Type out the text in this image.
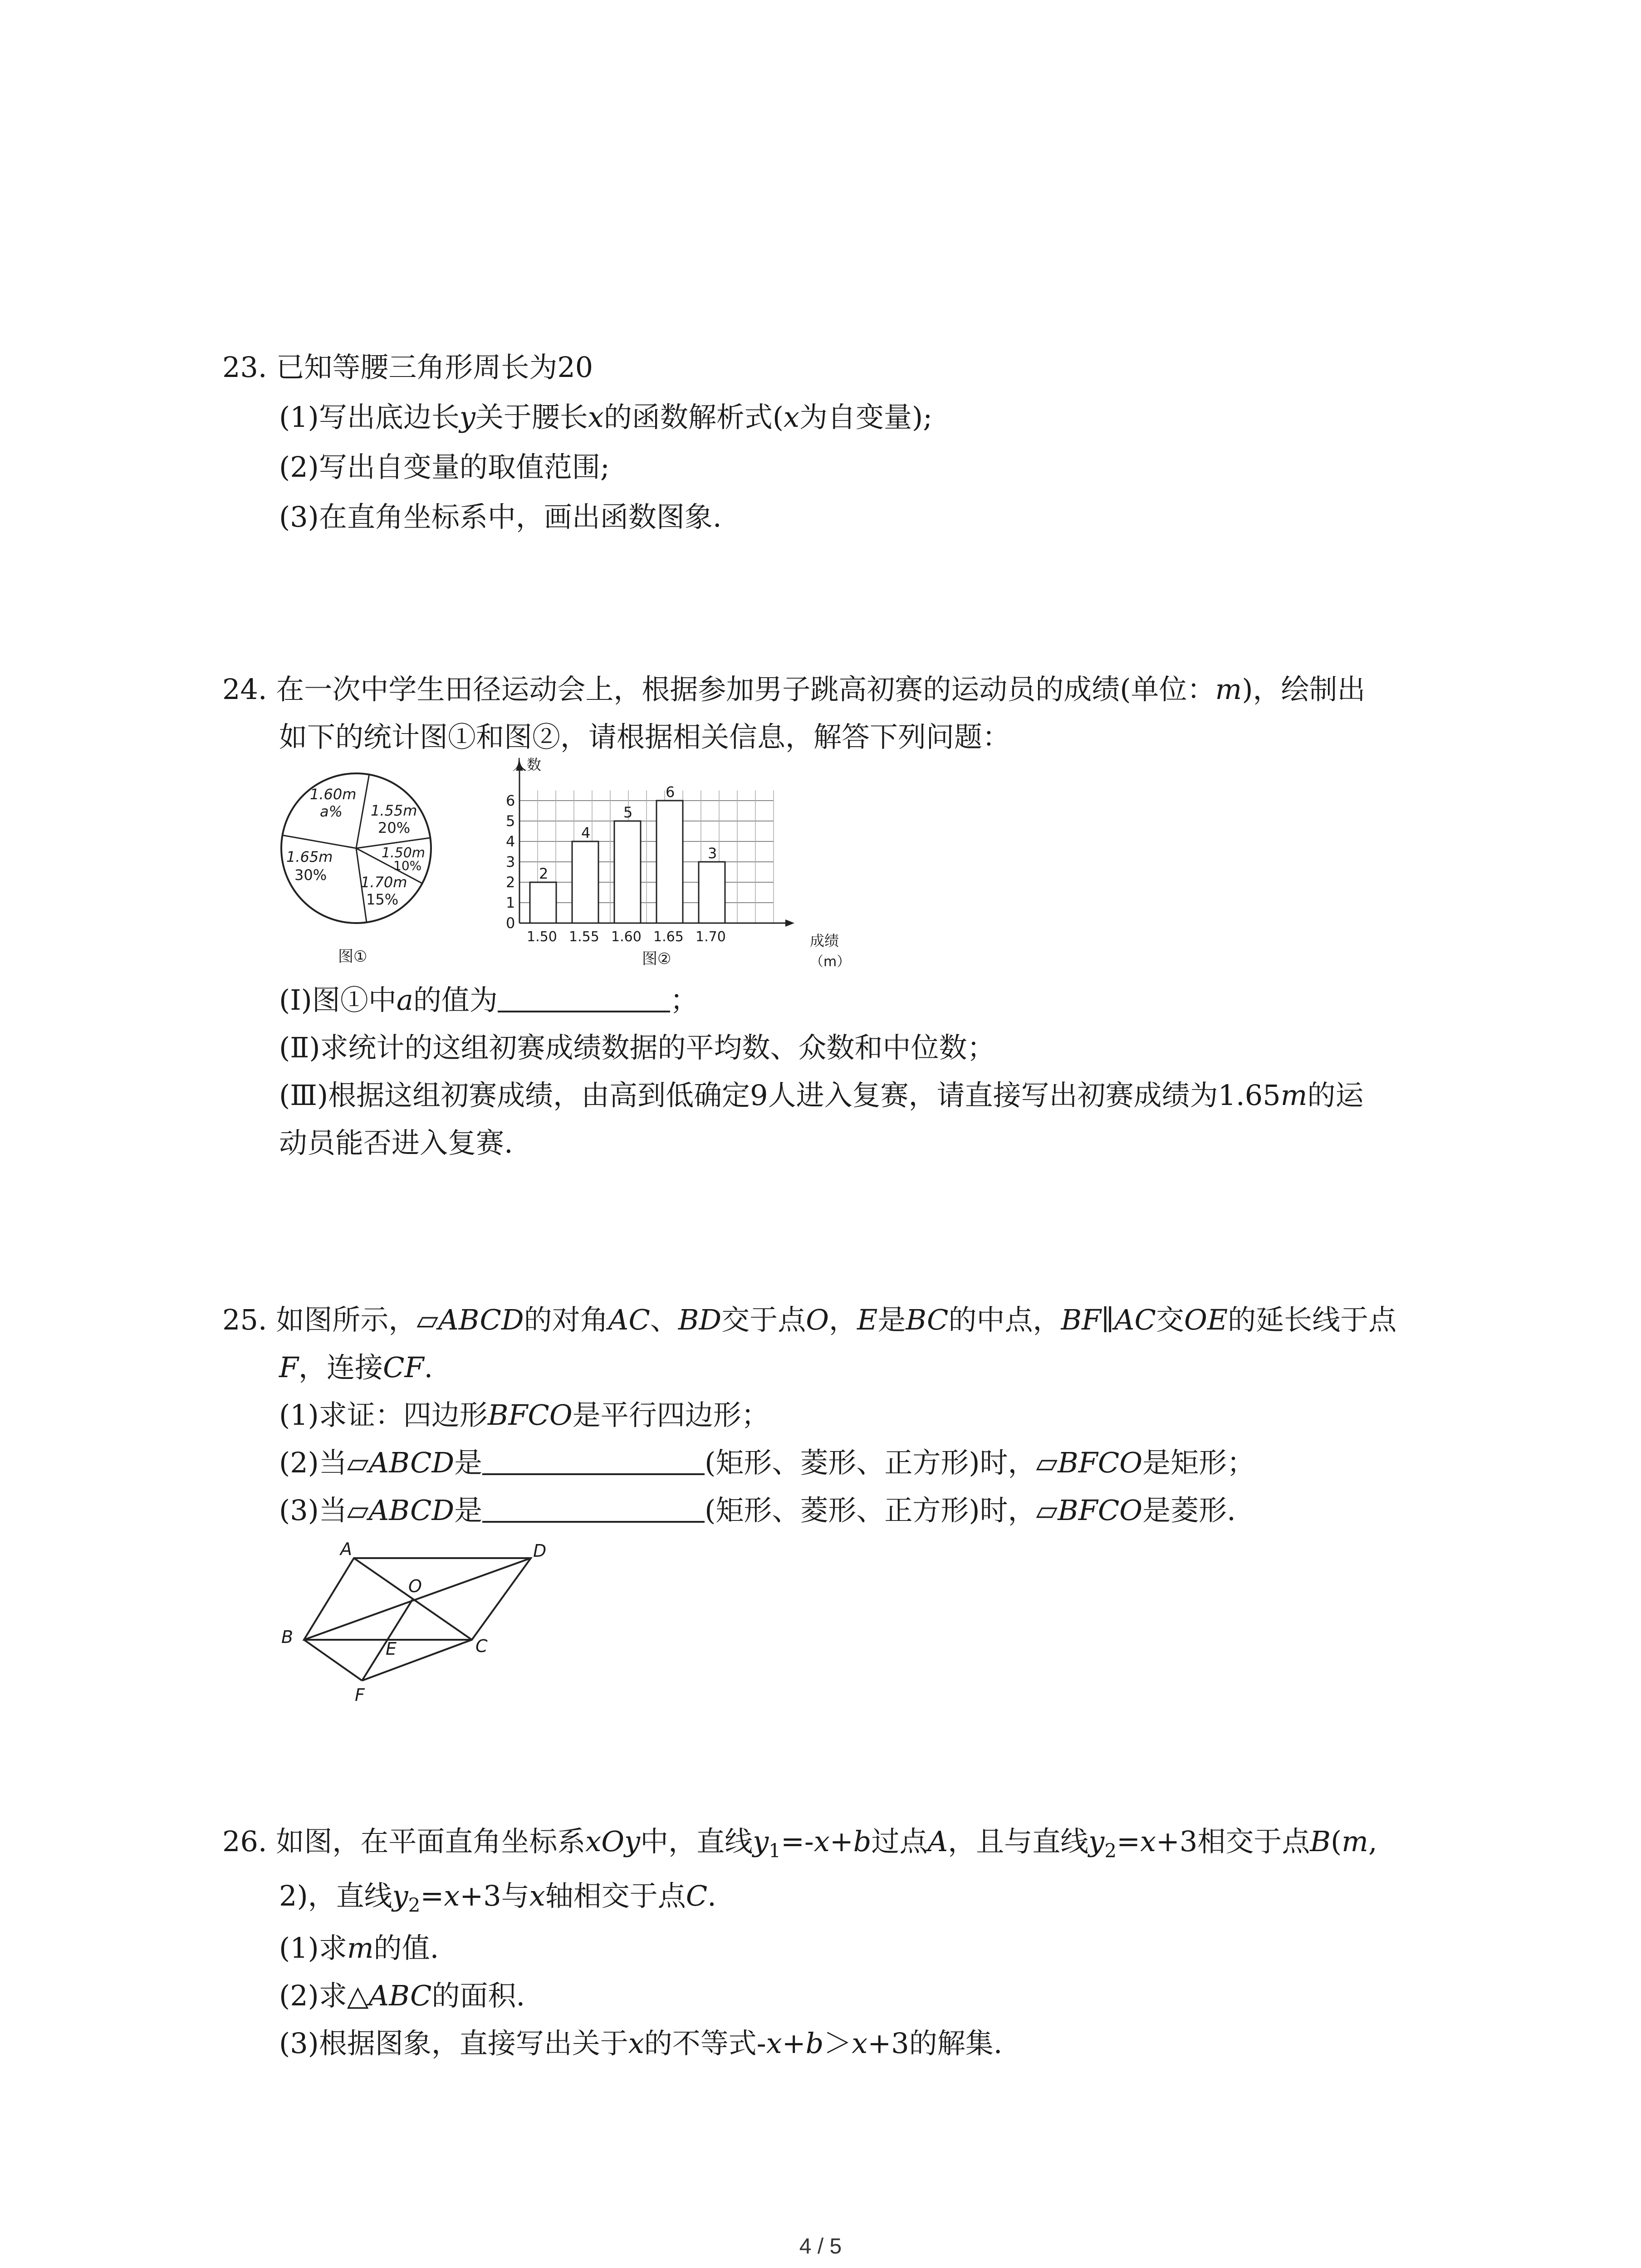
23. 已知等腰三角形周长为20
(1)写出底边长y关于腰长x的函数解析式(x为自变量);
(2)写出自变量的取值范围;
(3)在直角坐标系中，画出函数图象.
24. 在一次中学生田径运动会上，根据参加男子跳高初赛的运动员的成绩(单位：m)，绘制出
如下的统计图①和图②，请根据相关信息，解答下列问题：
1.60m
a% 1.55m
20%
1.50m
10%
1.70m
15%
1.65m
30%
图①
0
1
2
3
4
5
6
2
1.50
4
1.55
5
1.60
6
1.65
3
1.70
人数
成绩
（m）
图②
(Ⅰ)图①中a的值为	；
(Ⅱ)求统计的这组初赛成绩数据的平均数、众数和中位数；
(Ⅲ)根据这组初赛成绩，由高到低确定9人进入复赛，请直接写出初赛成绩为1.65m的运
动员能否进入复赛.
25. 如图所示，▱ABCD的对角AC、BD交于点O，E是BC的中点，BF∥AC交OE的延长线于点
F，连接CF.
(1)求证：四边形BFCO是平行四边形；
(2)当▱ABCD是	(矩形、菱形、正方形)时，▱BFCO是矩形；
(3)当▱ABCD是	(矩形、菱形、正方形)时，▱BFCO是菱形.
A	D
B	C
O
E
F
26. 如图，在平面直角坐标系xOy中，直线$y_1=-x+b$过点A，且与直线$y_2=x+3$相交于点B(m,
2)，直线$y_2=x+3$与x轴相交于点C.
(1)求m的值.
(2)求△ABC的面积.
(3)根据图象，直接写出关于x的不等式-x+b＞x+3的解集.
4 / 5
